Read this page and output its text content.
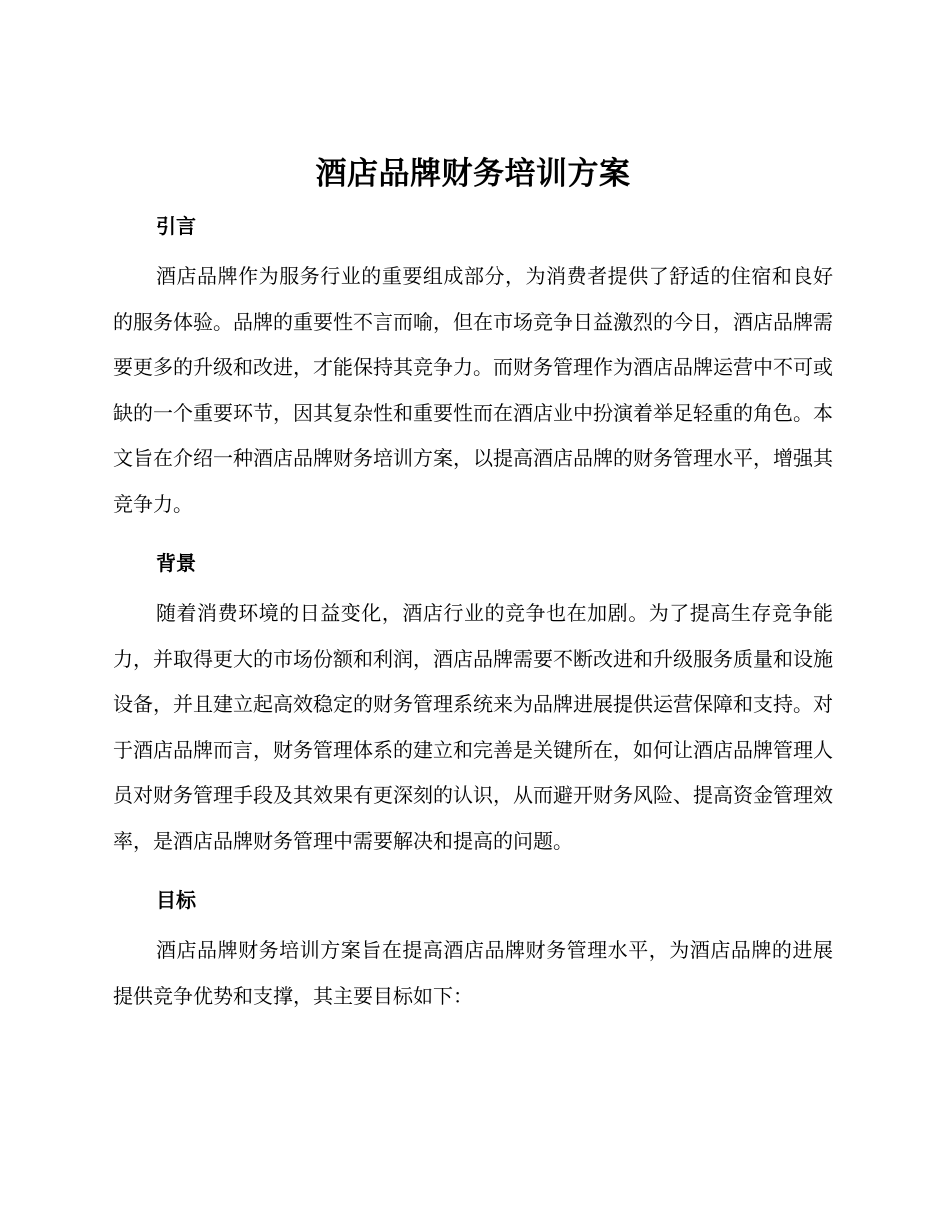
酒店品牌财务培训方案
引言

酒店品牌作为服务行业的重要组成部分，为消费者提供了舒适的住宿和良好的服务体验。品牌的重要性不言而喻，但在市场竞争日益激烈的今日，酒店品牌需要更多的升级和改进，才能保持其竞争力。而财务管理作为酒店品牌运营中不可或缺的一个重要环节，因其复杂性和重要性而在酒店业中扮演着举足轻重的角色。本文旨在介绍一种酒店品牌财务培训方案，以提高酒店品牌的财务管理水平，增强其竞争力。

背景

随着消费环境的日益变化，酒店行业的竞争也在加剧。为了提高生存竞争能力，并取得更大的市场份额和利润，酒店品牌需要不断改进和升级服务质量和设施设备，并且建立起高效稳定的财务管理系统来为品牌进展提供运营保障和支持。对于酒店品牌而言，财务管理体系的建立和完善是关键所在，如何让酒店品牌管理人员对财务管理手段及其效果有更深刻的认识，从而避开财务风险、提高资金管理效率，是酒店品牌财务管理中需要解决和提高的问题。

目标

酒店品牌财务培训方案旨在提高酒店品牌财务管理水平，为酒店品牌的进展提供竞争优势和支撑，其主要目标如下：
